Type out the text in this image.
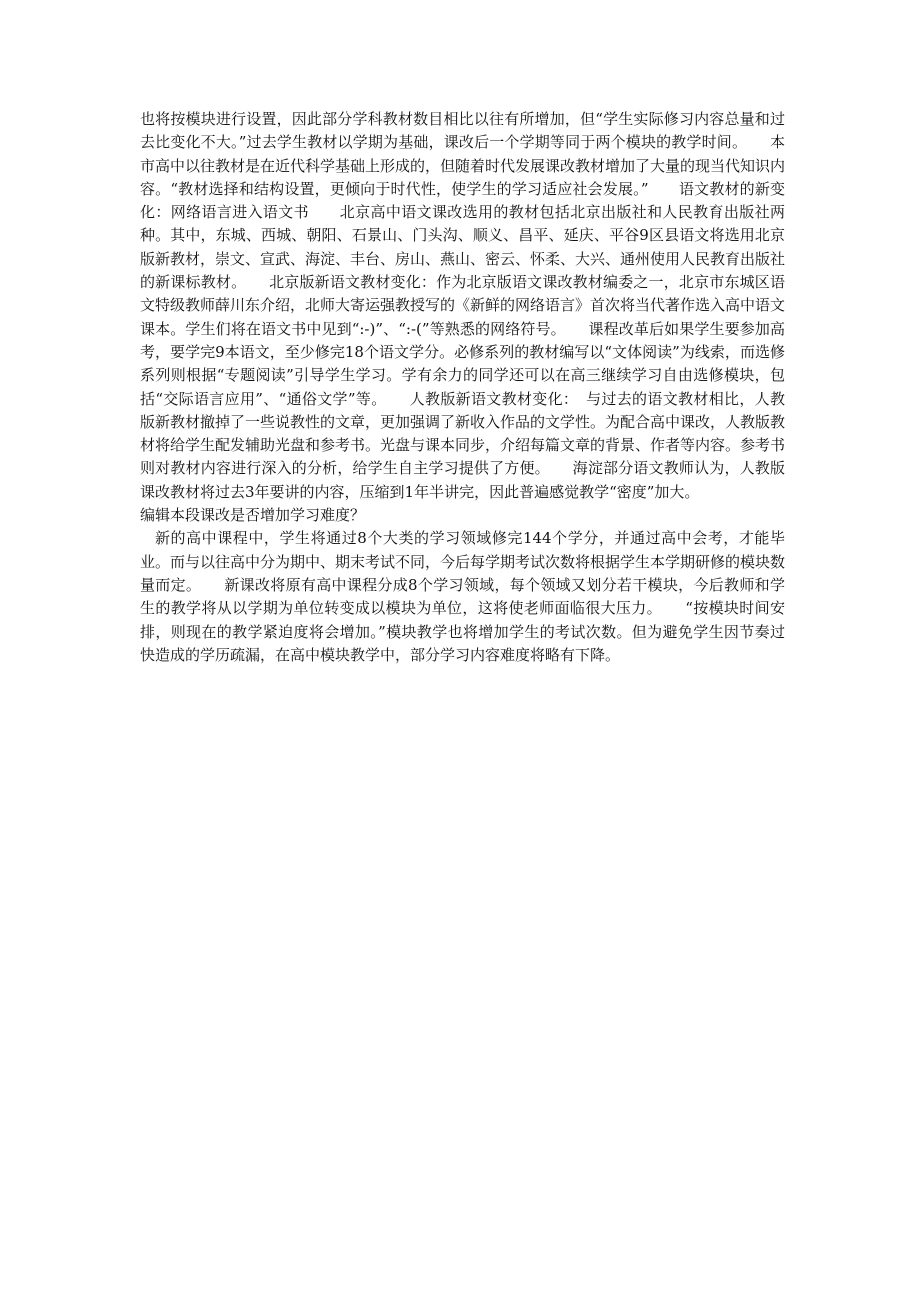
也将按模块进行设置，因此部分学科教材数目相比以往有所增加，但“学生实际修习内容总量和过去比变化不大。”过去学生教材以学期为基础，课改后一个学期等同于两个模块的教学时间。　　本市高中以往教材是在近代科学基础上形成的，但随着时代发展课改教材增加了大量的现当代知识内容。“教材选择和结构设置，更倾向于时代性，使学生的学习适应社会发展。”　　语文教材的新变化：网络语言进入语文书　　北京高中语文课改选用的教材包括北京出版社和人民教育出版社两种。其中，东城、西城、朝阳、石景山、门头沟、顺义、昌平、延庆、平谷9区县语文将选用北京版新教材，崇文、宣武、海淀、丰台、房山、燕山、密云、怀柔、大兴、通州使用人民教育出版社的新课标教材。　　北京版新语文教材变化：作为北京版语文课改教材编委之一，北京市东城区语文特级教师薛川东介绍，北师大寄运强教授写的《新鲜的网络语言》首次将当代著作选入高中语文课本。学生们将在语文书中见到“:-)”、“:-(”等熟悉的网络符号。　　课程改革后如果学生要参加高考，要学完9本语文，至少修完18个语文学分。必修系列的教材编写以“文体阅读”为线索，而选修系列则根据“专题阅读”引导学生学习。学有余力的同学还可以在高三继续学习自由选修模块，包括“交际语言应用”、“通俗文学”等。　　人教版新语文教材变化：　与过去的语文教材相比，人教版新教材撤掉了一些说教性的文章，更加强调了新收入作品的文学性。为配合高中课改，人教版教材将给学生配发辅助光盘和参考书。光盘与课本同步，介绍每篇文章的背景、作者等内容。参考书则对教材内容进行深入的分析，给学生自主学习提供了方便。　　海淀部分语文教师认为，人教版课改教材将过去3年要讲的内容，压缩到1年半讲完，因此普遍感觉教学“密度”加大。

编辑本段课改是否增加学习难度？

新的高中课程中，学生将通过8个大类的学习领域修完144个学分，并通过高中会考，才能毕业。而与以往高中分为期中、期末考试不同，今后每学期考试次数将根据学生本学期研修的模块数量而定。　　新课改将原有高中课程分成8个学习领域，每个领域又划分若干模块，今后教师和学生的教学将从以学期为单位转变成以模块为单位，这将使老师面临很大压力。　　“按模块时间安排，则现在的教学紧迫度将会增加。”模块教学也将增加学生的考试次数。但为避免学生因节奏过快造成的学历疏漏，在高中模块教学中，部分学习内容难度将略有下降。
